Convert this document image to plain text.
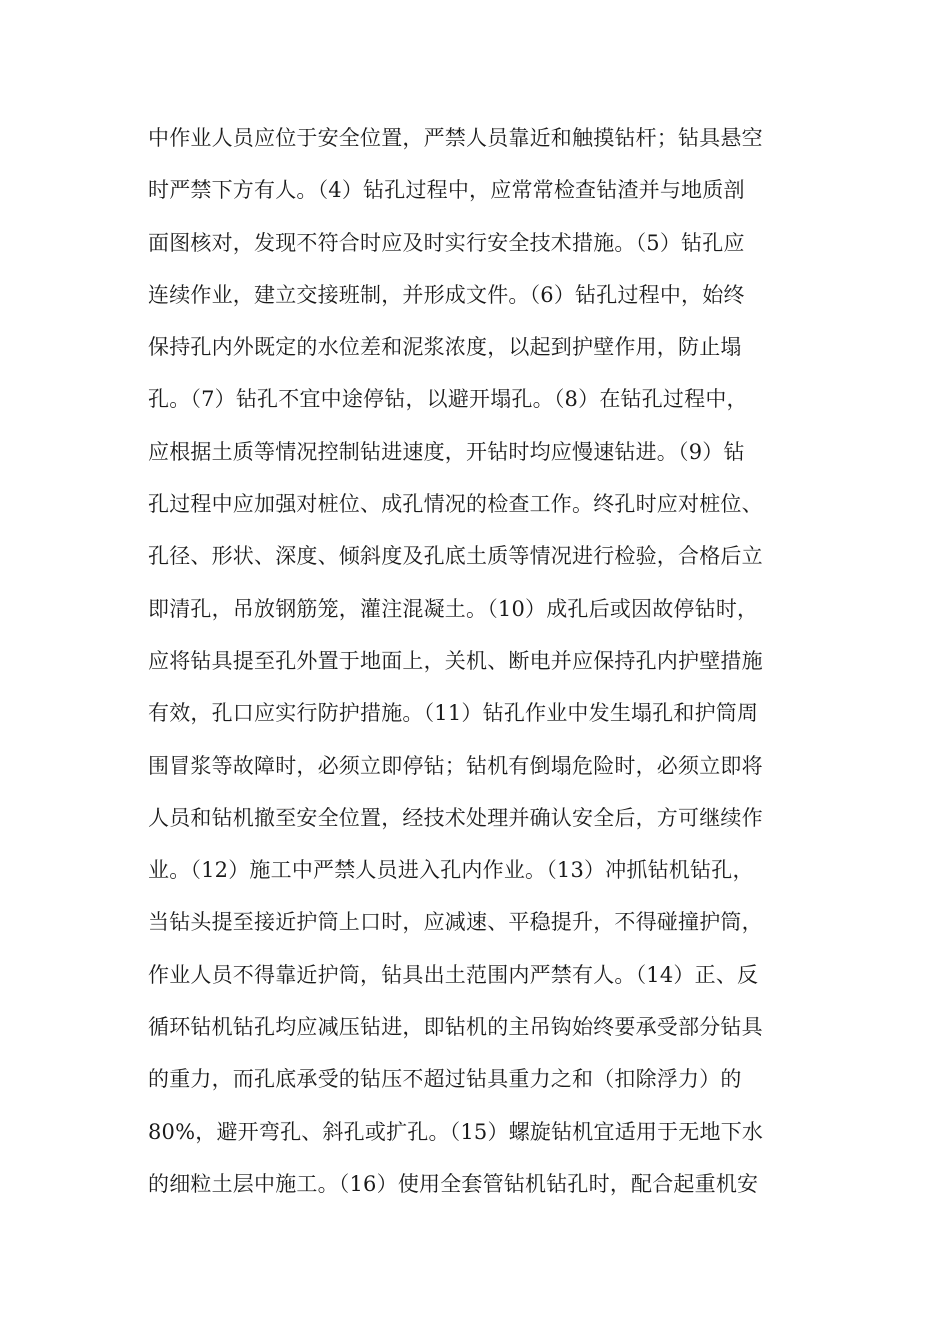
中作业人员应位于安全位置，严禁人员靠近和触摸钻杆；钻具悬空
时严禁下方有人。（4）钻孔过程中，应常常检查钻渣并与地质剖
面图核对，发现不符合时应及时实行安全技术措施。（5）钻孔应
连续作业，建立交接班制，并形成文件。（6）钻孔过程中，始终
保持孔内外既定的水位差和泥浆浓度，以起到护壁作用，防止塌
孔。（7）钻孔不宜中途停钻，以避开塌孔。（8）在钻孔过程中，
应根据土质等情况控制钻进速度，开钻时均应慢速钻进。（9）钻
孔过程中应加强对桩位、成孔情况的检查工作。终孔时应对桩位、
孔径、形状、深度、倾斜度及孔底土质等情况进行检验，合格后立
即清孔，吊放钢筋笼，灌注混凝土。（10）成孔后或因故停钻时，
应将钻具提至孔外置于地面上，关机、断电并应保持孔内护壁措施
有效，孔口应实行防护措施。（11）钻孔作业中发生塌孔和护筒周
围冒浆等故障时，必须立即停钻；钻机有倒塌危险时，必须立即将
人员和钻机撤至安全位置，经技术处理并确认安全后，方可继续作
业。（12）施工中严禁人员进入孔内作业。（13）冲抓钻机钻孔，
当钻头提至接近护筒上口时，应减速、平稳提升，不得碰撞护筒，
作业人员不得靠近护筒，钻具出土范围内严禁有人。（14）正、反
循环钻机钻孔均应减压钻进，即钻机的主吊钩始终要承受部分钻具
的重力，而孔底承受的钻压不超过钻具重力之和（扣除浮力）的
80%，避开弯孔、斜孔或扩孔。（15）螺旋钻机宜适用于无地下水
的细粒土层中施工。（16）使用全套管钻机钻孔时，配合起重机安
